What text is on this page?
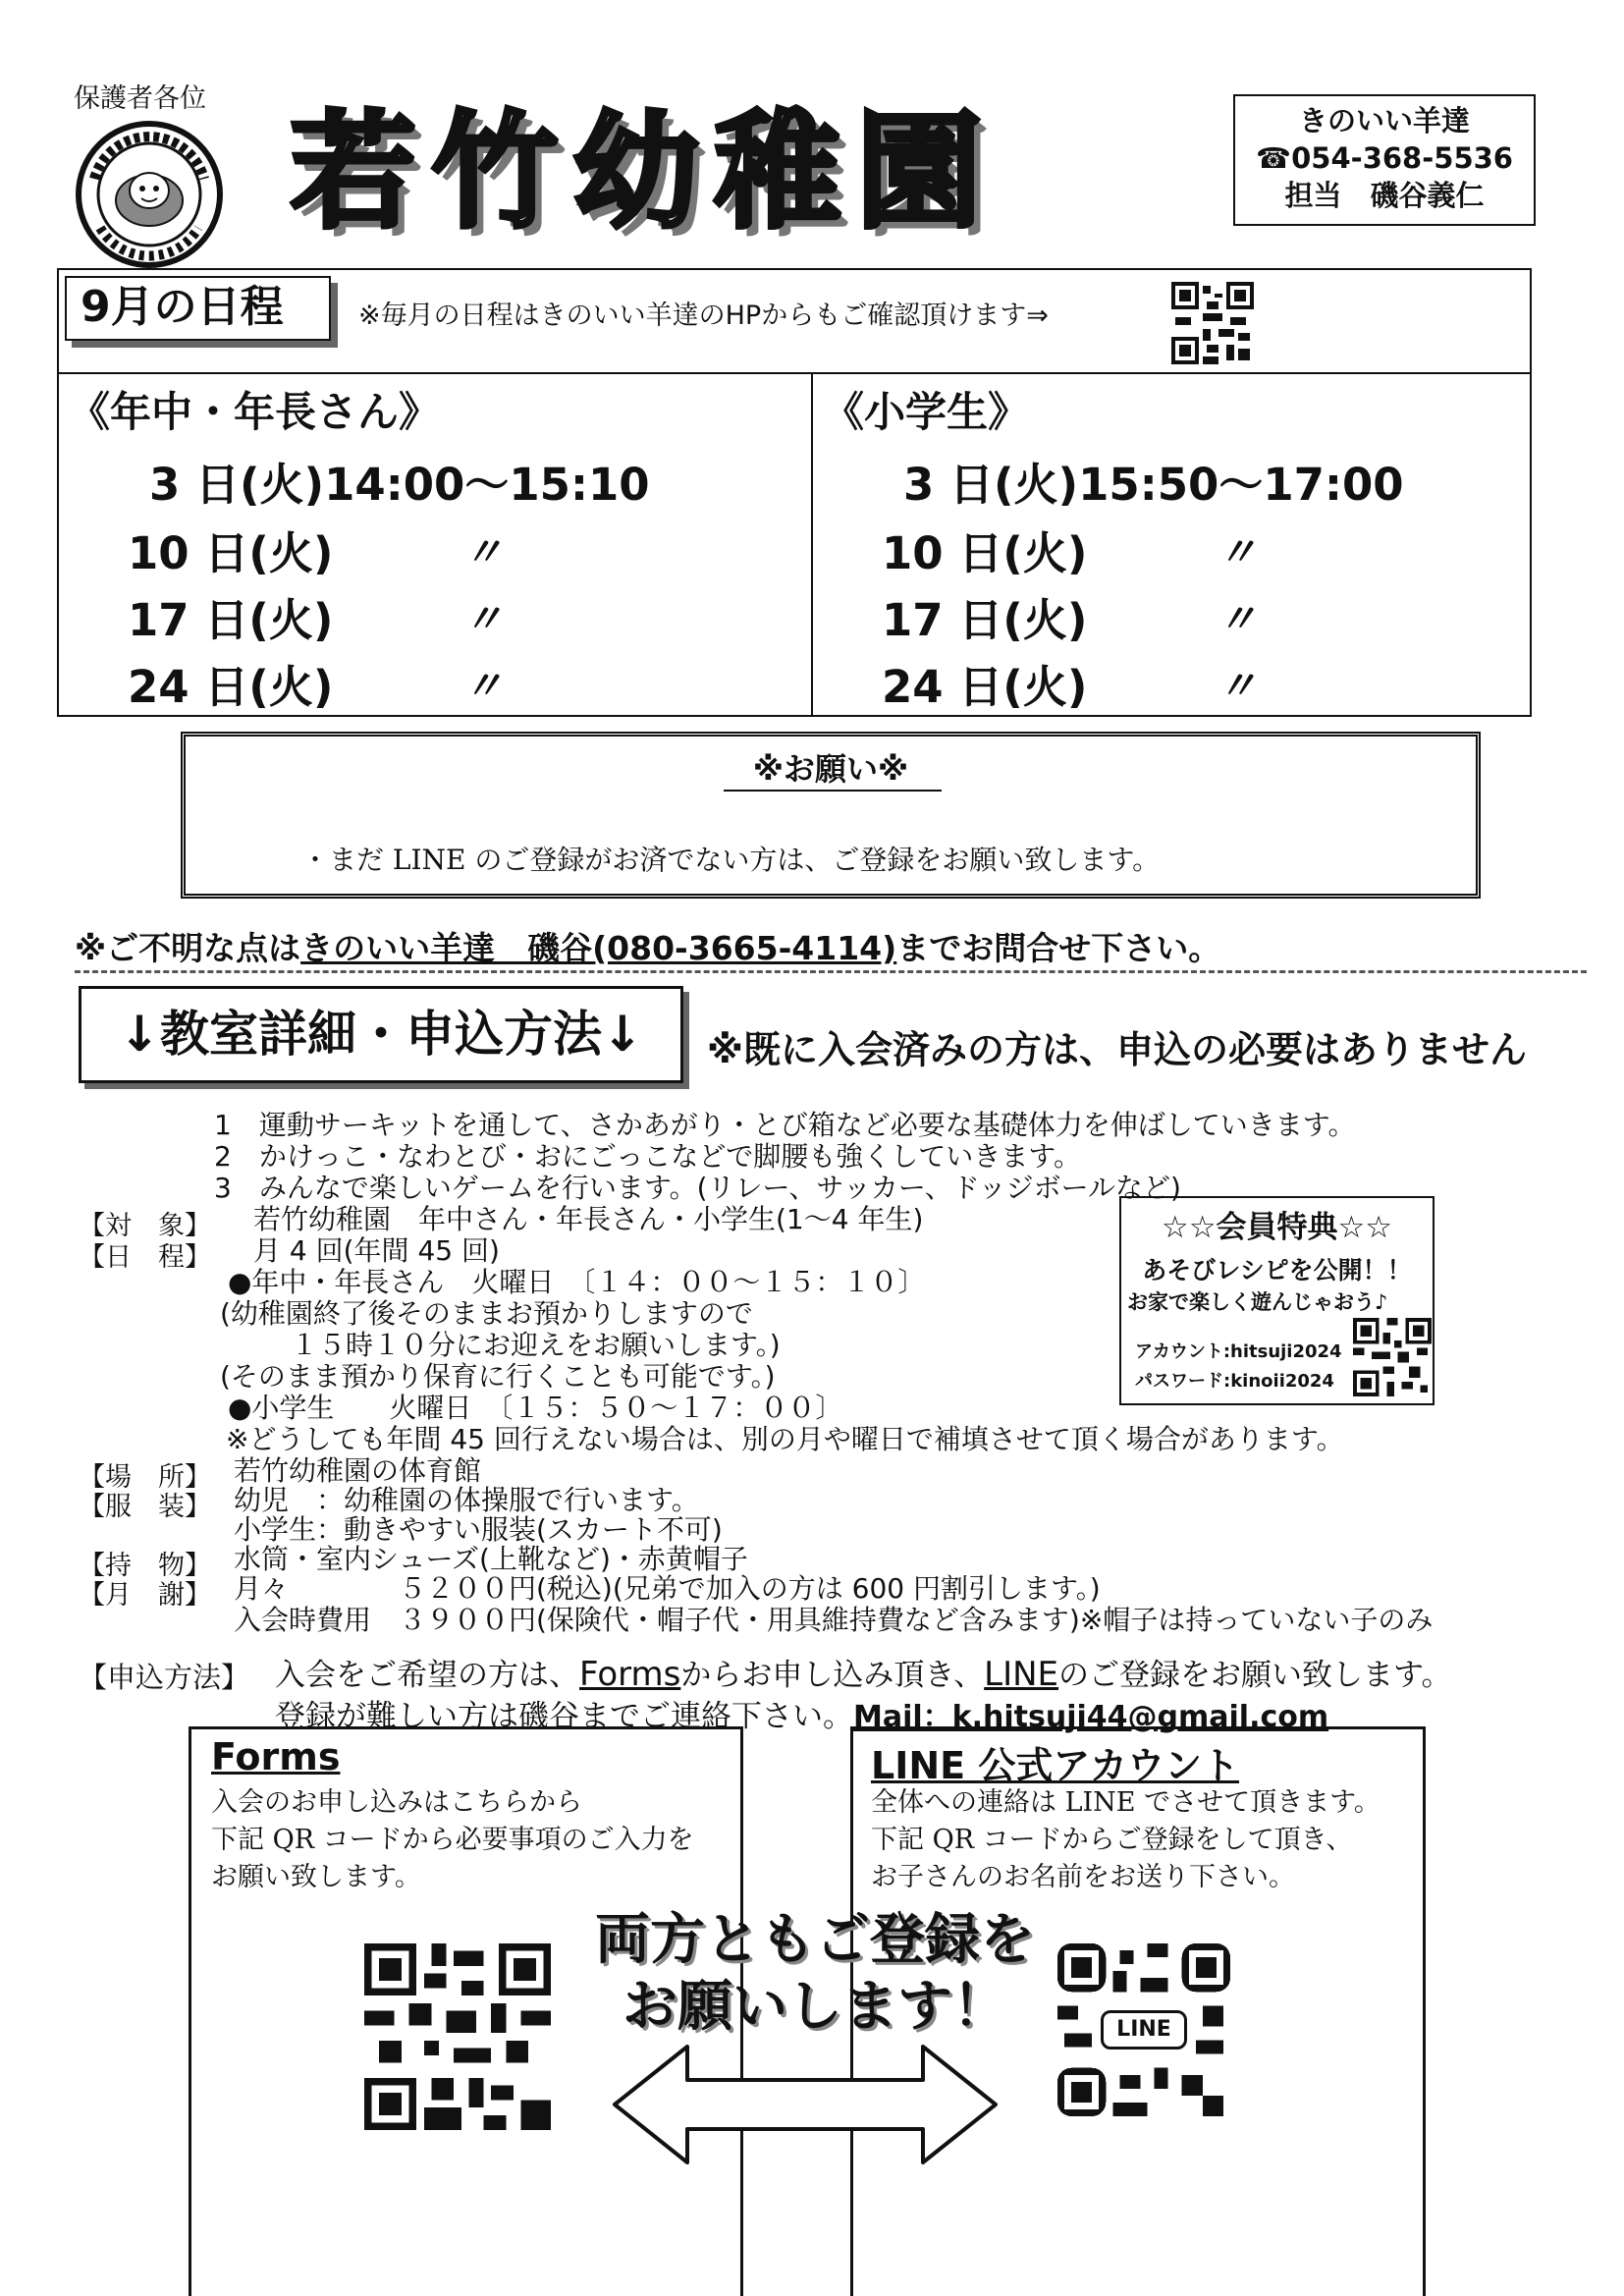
保護者各位
若竹幼稚園	きのいい羊達
☎054-368-5536
担当　磯谷義仁
9月の日程	※毎月の日程はきのいい羊達のHPからもご確認頂けます⇒
《年中・年長さん》
3 日(火)14:00～15:10
10 日(火)	〃
17 日(火)	〃
24 日(火)	〃
《小学生》
3 日(火)15:50～17:00
10 日(火)	〃
17 日(火)	〃
24 日(火)	〃
※お願い※
・まだ LINE のご登録がお済でない方は、ご登録をお願い致します。
※ご不明な点はきのいい羊達　磯谷(080-3665-4114)までお問合せ下さい。
↓教室詳細・申込方法↓	※既に入会済みの方は、申込の必要はありません
1　運動サーキットを通して、さかあがり・とび箱など必要な基礎体力を伸ばしていきます。
2　かけっこ・なわとび・おにごっこなどで脚腰も強くしていきます。
3　みんなで楽しいゲームを行います。(リレー、サッカー、ドッジボールなど)
【対　象】 若竹幼稚園　年中さん・年長さん・小学生(1～4 年生)
【日　程】 月 4 回(年間 45 回)
●年中・年長さん　火曜日　〔１４：００～１５：１０〕
(幼稚園終了後そのままお預かりしますので
１５時１０分にお迎えをお願いします。)
(そのまま預かり保育に行くことも可能です。)
●小学生　　火曜日　〔１５：５０～１７：００〕
※どうしても年間 45 回行えない場合は、別の月や曜日で補填させて頂く場合があります。
【場　所】 若竹幼稚園の体育館
【服　装】 幼児　：幼稚園の体操服で行います。
小学生：動きやすい服装(スカート不可)
【持　物】 水筒・室内シューズ(上靴など)・赤黄帽子
【月　謝】 月々　　　　５２００円(税込)(兄弟で加入の方は 600 円割引します。)
入会時費用　３９００円(保険代・帽子代・用具維持費など含みます)※帽子は持っていない子のみ
【申込方法】 入会をご希望の方は、Formsからお申し込み頂き、LINEのご登録をお願い致します。
登録が難しい方は磯谷までご連絡下さい。Mail：k.hitsuji44@gmail.com
☆☆会員特典☆☆
あそびレシピを公開！！
お家で楽しく遊んじゃおう♪
アカウント:hitsuji2024
パスワード:kinoii2024
Forms
入会のお申し込みはこちらから
下記 QR コードから必要事項のご入力を
お願い致します。
LINE 公式アカウント
全体への連絡は LINE でさせて頂きます。
下記 QR コードからご登録をして頂き、
お子さんのお名前をお送り下さい。
LINE
両方ともご登録を
お願いします！
